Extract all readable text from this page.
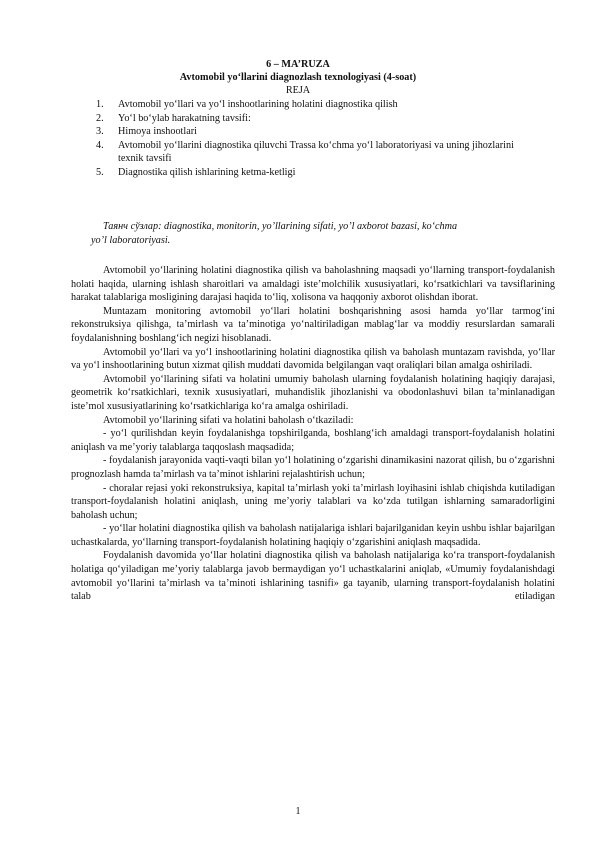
6 – MA’RUZA
Avtomobil yo‘llarini diagnozlash texnologiyasi (4-soat)
REJA
1.	Avtomobil yo‘llari va yo‘l inshootlarining holatini diagnostika qilish
2.	Yo‘l bo‘ylab harakatning tavsifi:
3.	Himoya inshootlari
4.	Avtomobil yo‘llarini diagnostika qiluvchi Trassa ko‘chma yo‘l laboratoriyasi va uning jihozlarini texnik tavsifi
5.	Diagnostika qilish ishlarining ketma-ketligi
Таянч сўзлар: diagnostika, monitorin, yo’llarining sifati, yo’l axborot bazasi, ko‘chma
yo’l laboratoriyasi.

Avtomobil yo‘llarining holatini diagnostika qilish va baholashning maqsadi yo‘llarning transport-foydalanish holati haqida, ularning ishlash sharoitlari va amaldagi iste’molchilik xususiyatlari, ko‘rsatkichlari va tavsiflarining harakat talablariga mosligining darajasi haqida to‘liq, xolisona va haqqoniy axborot olishdan iborat.

Muntazam monitoring avtomobil yo‘llari holatini boshqarishning asosi hamda yo‘llar tarmog‘ini rekonstruksiya qilishga, ta’mirlash va ta’minotiga yo‘naltiriladigan mablag‘lar va moddiy resurslardan samarali foydalanishning boshlang‘ich negizi hisoblanadi.

Avtomobil yo‘llari va yo‘l inshootlarining holatini diagnostika qilish va baholash muntazam ravishda, yo‘llar va yo‘l inshootlarining butun xizmat qilish muddati davomida belgilangan vaqt oraliqlari bilan amalga oshiriladi.

Avtomobil yo‘llarining sifati va holatini umumiy baholash ularning foydalanish holatining haqiqiy darajasi, geometrik ko‘rsatkichlari, texnik xususiyatlari, muhandislik jihozlanishi va obodonlashuvi bilan ta’minlanadigan iste’mol xususiyatlarining ko‘rsatkichlariga ko‘ra amalga oshiriladi.

Avtomobil yo‘llarining sifati va holatini baholash o‘tkaziladi:

- yo‘l qurilishdan keyin foydalanishga topshirilganda, boshlang‘ich amaldagi transport-foydalanish holatini aniqlash va me’yoriy talablarga taqqoslash maqsadida;

- foydalanish jarayonida vaqti-vaqti bilan yo‘l holatining o‘zgarishi dinamikasini nazorat qilish, bu o‘zgarishni prognozlash hamda ta’mirlash va ta’minot ishlarini rejalashtirish uchun;

- choralar rejasi yoki rekonstruksiya, kapital ta’mirlash yoki ta’mirlash loyihasini ishlab chiqishda kutiladigan transport-foydalanish holatini aniqlash, uning me’yoriy talablari va ko‘zda tutilgan ishlarning samaradorligini baholash uchun;

- yo‘llar holatini diagnostika qilish va baholash natijalariga ishlari bajarilganidan keyin ushbu ishlar bajarilgan uchastkalarda, yo‘llarning transport-foydalanish holatining haqiqiy o‘zgarishini aniqlash maqsadida.

Foydalanish davomida yo‘llar holatini diagnostika qilish va baholash natijalariga ko‘ra transport-foydalanish holatiga qo‘yiladigan me’yoriy talablarga javob bermaydigan yo‘l uchastkalarini aniqlab, «Umumiy foydalanishdagi avtomobil yo‘llarini ta’mirlash va ta’minoti ishlarining tasnifi» ga tayanib, ularning transport-foydalanish holatini talab etiladigan

1
